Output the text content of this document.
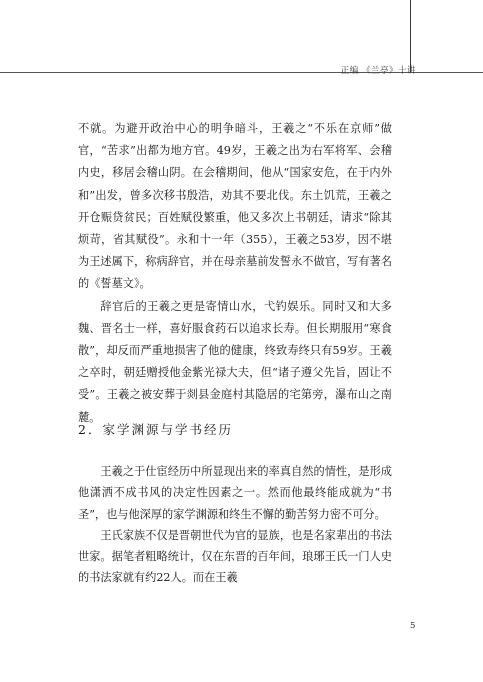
正编 《兰亭》十讲

不就。为避开政治中心的明争暗斗，王羲之“不乐在京师”做官，“苦求”出都为地方官。49岁，王羲之出为右军将军、会稽内史，移居会稽山阴。在会稽期间，他从“国家安危，在于内外和”出发，曾多次移书殷浩，劝其不要北伐。东土饥荒，王羲之开仓赈贷贫民；百姓赋役繁重，他又多次上书朝廷，请求“除其烦苛，省其赋役”。永和十一年（355），王羲之53岁，因不堪为王述属下，称病辞官，并在母亲墓前发誓永不做官，写有著名的《誓墓文》。

辞官后的王羲之更是寄情山水，弋钓娱乐。同时又和大多魏、晋名士一样，喜好服食药石以追求长寿。但长期服用“寒食散”，却反而严重地损害了他的健康，终致寿终只有59岁。王羲之卒时，朝廷赠授他金紫光禄大夫，但“诸子遵父先旨，固让不受”。王羲之被安葬于剡县金庭村其隐居的宅第旁，瀑布山之南麓。

2．家学渊源与学书经历

王羲之于仕宦经历中所显现出来的率真自然的情性，是形成他潇洒不成书风的决定性因素之一。然而他最终能成就为“书圣”，也与他深厚的家学渊源和终生不懈的勤苦努力密不可分。

王氏家族不仅是晋朝世代为官的显族，也是名家辈出的书法世家。据笔者粗略统计，仅在东晋的百年间，琅琊王氏一门人史的书法家就有约22人。而在王羲

5
